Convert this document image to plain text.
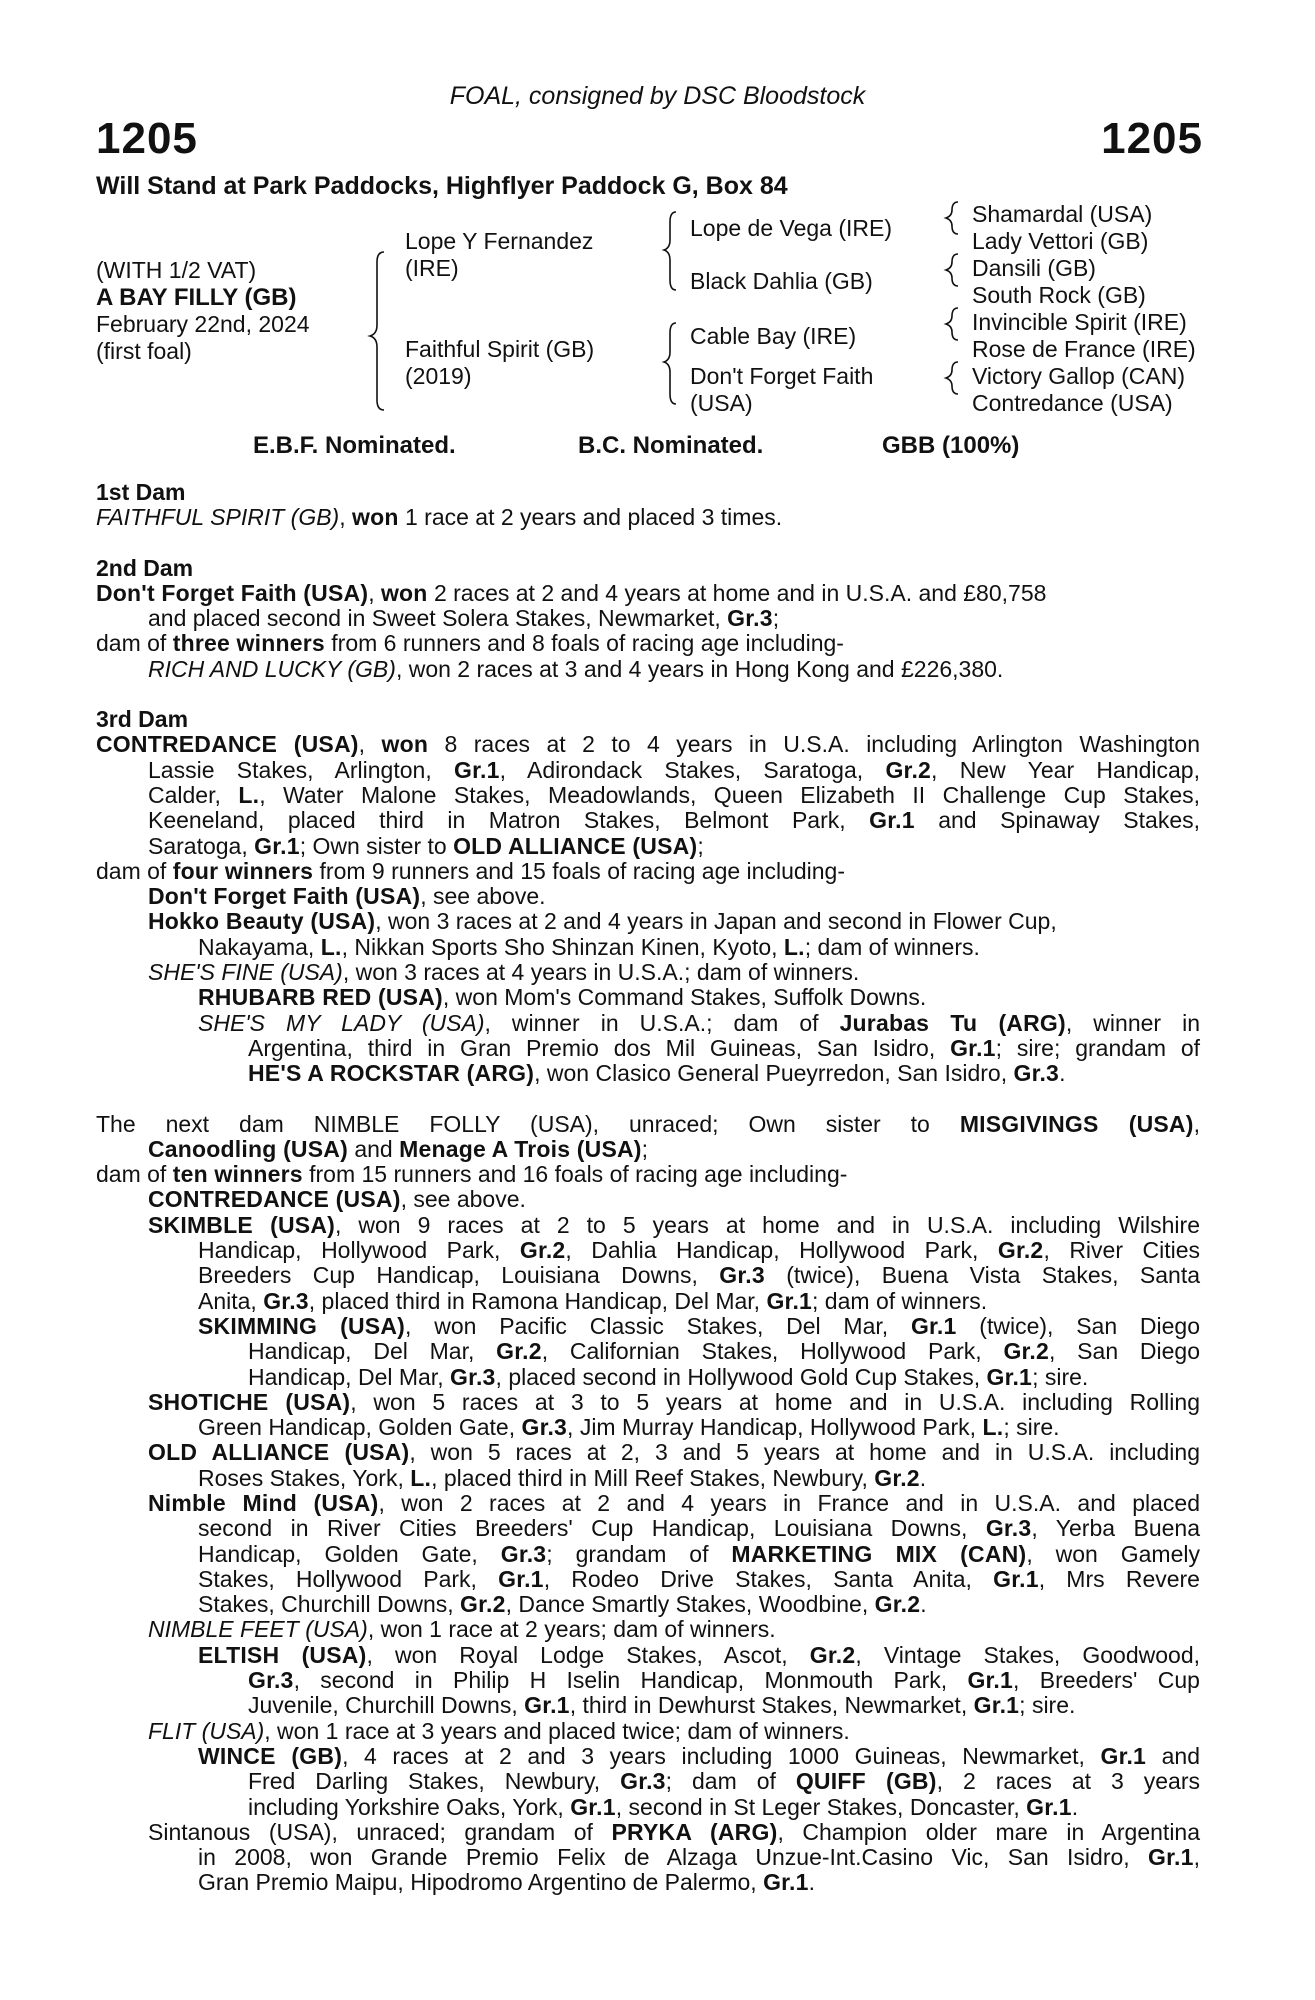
FOAL, consigned by DSC Bloodstock
1205	1205
Will Stand at Park Paddocks, Highflyer Paddock G, Box 84
(WITH 1/2 VAT)
A BAY FILLY (GB)
February 22nd, 2024
(first foal)
Lope Y Fernandez
(IRE)
Faithful Spirit (GB)
(2019)
Lope de Vega (IRE)
Black Dahlia (GB)
Cable Bay (IRE)
Don't Forget Faith
(USA)
Shamardal (USA)
Lady Vettori (GB)
Dansili (GB)
South Rock (GB)
Invincible Spirit (IRE)
Rose de France (IRE)
Victory Gallop (CAN)
Contredance (USA)
E.B.F. Nominated.	B.C. Nominated.	GBB (100%)
1st Dam
FAITHFUL SPIRIT (GB), won 1 race at 2 years and placed 3 times.
2nd Dam
Don't Forget Faith (USA), won 2 races at 2 and 4 years at home and in U.S.A. and £80,758
and placed second in Sweet Solera Stakes, Newmarket, Gr.3;
dam of three winners from 6 runners and 8 foals of racing age including-
RICH AND LUCKY (GB), won 2 races at 3 and 4 years in Hong Kong and £226,380.
3rd Dam
CONTREDANCE (USA), won 8 races at 2 to 4 years in U.S.A. including Arlington Washington
Lassie Stakes, Arlington, Gr.1, Adirondack Stakes, Saratoga, Gr.2, New Year Handicap,
Calder, L., Water Malone Stakes, Meadowlands, Queen Elizabeth II Challenge Cup Stakes,
Keeneland, placed third in Matron Stakes, Belmont Park, Gr.1 and Spinaway Stakes,
Saratoga, Gr.1; Own sister to OLD ALLIANCE (USA);
dam of four winners from 9 runners and 15 foals of racing age including-
Don't Forget Faith (USA), see above.
Hokko Beauty (USA), won 3 races at 2 and 4 years in Japan and second in Flower Cup,
Nakayama, L., Nikkan Sports Sho Shinzan Kinen, Kyoto, L.; dam of winners.
SHE'S FINE (USA), won 3 races at 4 years in U.S.A.; dam of winners.
RHUBARB RED (USA), won Mom's Command Stakes, Suffolk Downs.
SHE'S MY LADY (USA), winner in U.S.A.; dam of Jurabas Tu (ARG), winner in
Argentina, third in Gran Premio dos Mil Guineas, San Isidro, Gr.1; sire; grandam of
HE'S A ROCKSTAR (ARG), won Clasico General Pueyrredon, San Isidro, Gr.3.
The next dam NIMBLE FOLLY (USA), unraced; Own sister to MISGIVINGS (USA),
Canoodling (USA) and Menage A Trois (USA);
dam of ten winners from 15 runners and 16 foals of racing age including-
CONTREDANCE (USA), see above.
SKIMBLE (USA), won 9 races at 2 to 5 years at home and in U.S.A. including Wilshire
Handicap, Hollywood Park, Gr.2, Dahlia Handicap, Hollywood Park, Gr.2, River Cities
Breeders Cup Handicap, Louisiana Downs, Gr.3 (twice), Buena Vista Stakes, Santa
Anita, Gr.3, placed third in Ramona Handicap, Del Mar, Gr.1; dam of winners.
SKIMMING (USA), won Pacific Classic Stakes, Del Mar, Gr.1 (twice), San Diego
Handicap, Del Mar, Gr.2, Californian Stakes, Hollywood Park, Gr.2, San Diego
Handicap, Del Mar, Gr.3, placed second in Hollywood Gold Cup Stakes, Gr.1; sire.
SHOTICHE (USA), won 5 races at 3 to 5 years at home and in U.S.A. including Rolling
Green Handicap, Golden Gate, Gr.3, Jim Murray Handicap, Hollywood Park, L.; sire.
OLD ALLIANCE (USA), won 5 races at 2, 3 and 5 years at home and in U.S.A. including
Roses Stakes, York, L., placed third in Mill Reef Stakes, Newbury, Gr.2.
Nimble Mind (USA), won 2 races at 2 and 4 years in France and in U.S.A. and placed
second in River Cities Breeders' Cup Handicap, Louisiana Downs, Gr.3, Yerba Buena
Handicap, Golden Gate, Gr.3; grandam of MARKETING MIX (CAN), won Gamely
Stakes, Hollywood Park, Gr.1, Rodeo Drive Stakes, Santa Anita, Gr.1, Mrs Revere
Stakes, Churchill Downs, Gr.2, Dance Smartly Stakes, Woodbine, Gr.2.
NIMBLE FEET (USA), won 1 race at 2 years; dam of winners.
ELTISH (USA), won Royal Lodge Stakes, Ascot, Gr.2, Vintage Stakes, Goodwood,
Gr.3, second in Philip H Iselin Handicap, Monmouth Park, Gr.1, Breeders' Cup
Juvenile, Churchill Downs, Gr.1, third in Dewhurst Stakes, Newmarket, Gr.1; sire.
FLIT (USA), won 1 race at 3 years and placed twice; dam of winners.
WINCE (GB), 4 races at 2 and 3 years including 1000 Guineas, Newmarket, Gr.1 and
Fred Darling Stakes, Newbury, Gr.3; dam of QUIFF (GB), 2 races at 3 years
including Yorkshire Oaks, York, Gr.1, second in St Leger Stakes, Doncaster, Gr.1.
Sintanous (USA), unraced; grandam of PRYKA (ARG), Champion older mare in Argentina
in 2008, won Grande Premio Felix de Alzaga Unzue-Int.Casino Vic, San Isidro, Gr.1,
Gran Premio Maipu, Hipodromo Argentino de Palermo, Gr.1.
